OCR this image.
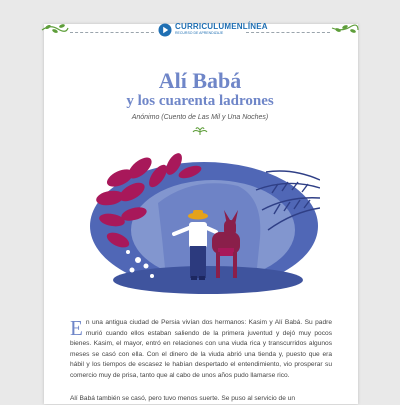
CURRICULUMENLÍNEA
RECURSO DE APRENDIZAJE
Alí Babá
y los cuarenta ladrones
Anónimo (Cuento de Las Mil y Una Noches)

En una antigua ciudad de Persia vivían dos hermanos: Kasim y Alí Babá. Su padre murió cuando ellos estaban saliendo de la primera juventud y dejó muy pocos bienes. Kasim, el mayor, entró en relaciones con una viuda rica y transcurridos algunos meses se casó con ella. Con el dinero de la viuda abrió una tienda y, puesto que era hábil y los tiempos de escasez le habían despertado el entendimiento, vio prosperar su comercio muy de prisa, tanto que al cabo de unos años pudo llamarse rico.

Alí Babá también se casó, pero tuvo menos suerte. Se puso al servicio de un
